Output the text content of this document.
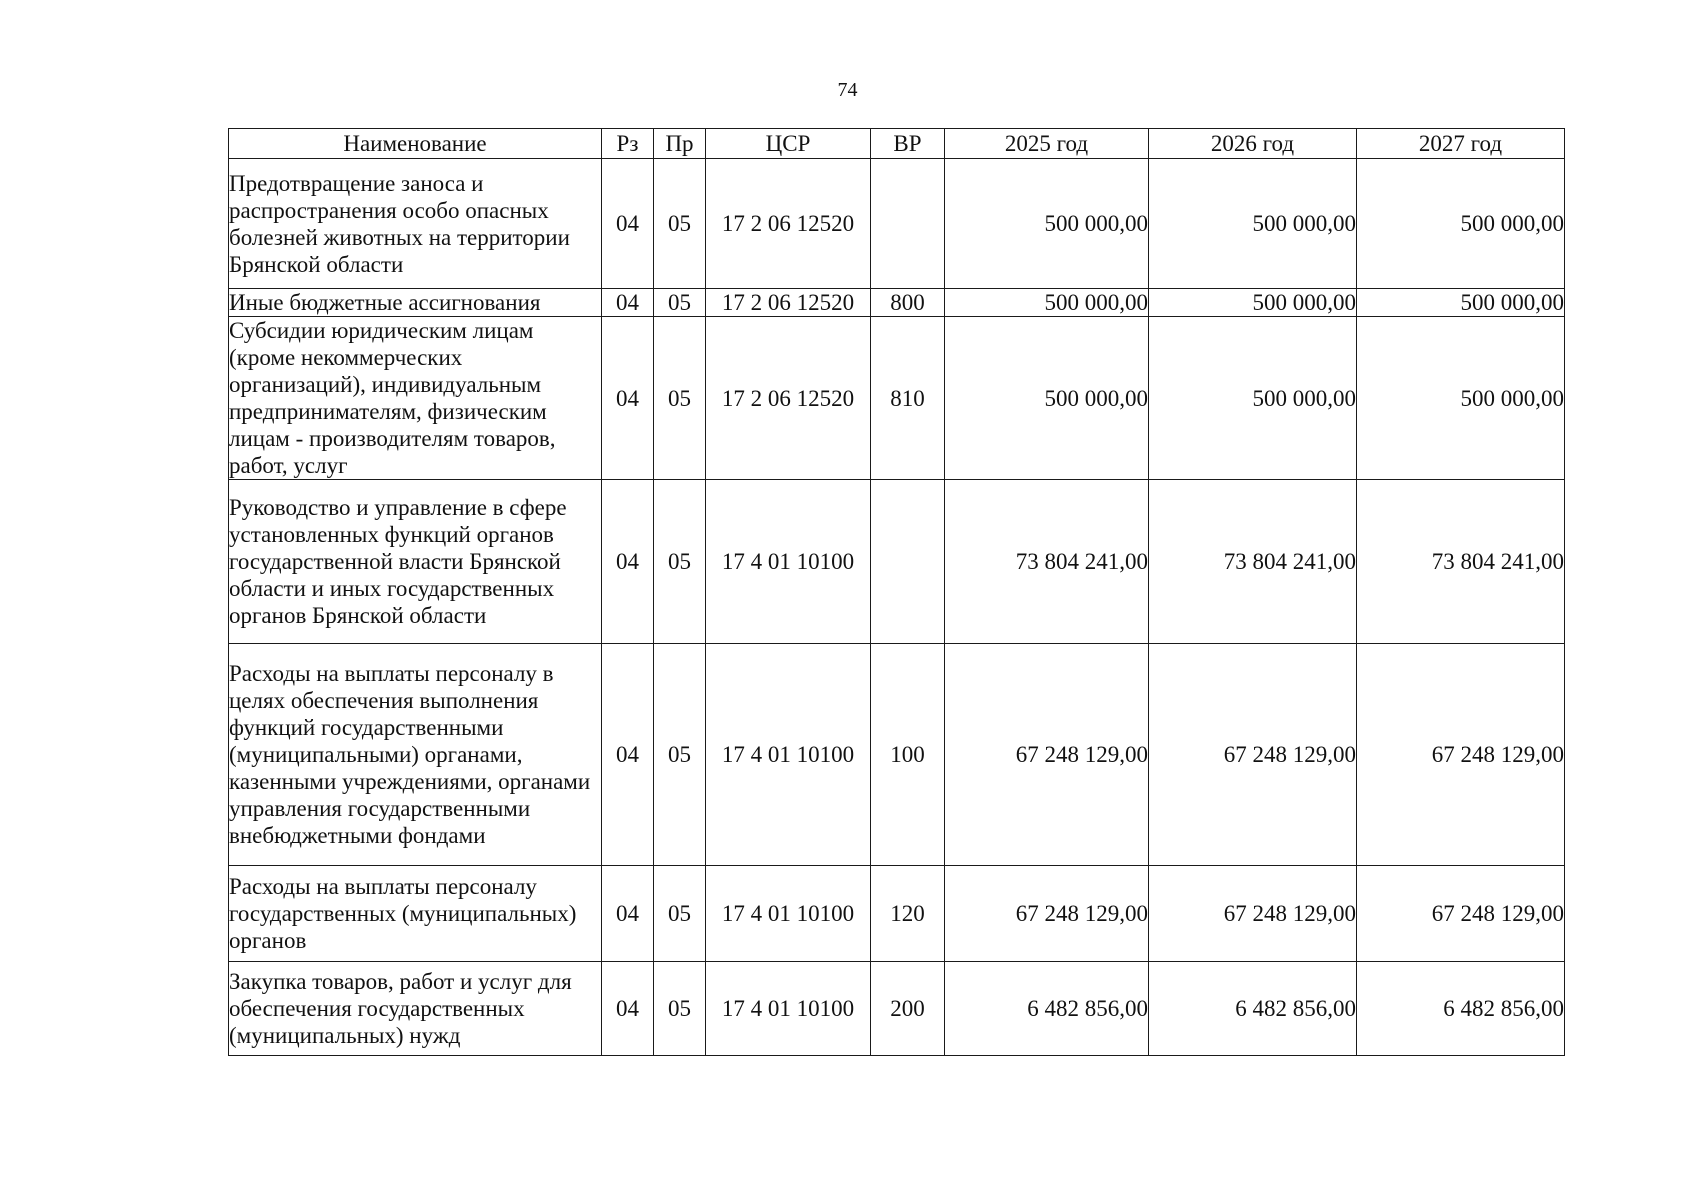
74
Наименование	Рз	Пр	ЦСР	ВР	2025 год	2026 год	2027 год
Предотвращение заноса и распространения особо опасных болезней животных на территории Брянской области	04	05	17 2 06 12520		500 000,00	500 000,00	500 000,00
Иные бюджетные ассигнования	04	05	17 2 06 12520	800	500 000,00	500 000,00	500 000,00
Субсидии юридическим лицам (кроме некоммерческих организаций), индивидуальным предпринимателям, физическим лицам - производителям товаров, работ, услуг	04	05	17 2 06 12520	810	500 000,00	500 000,00	500 000,00
Руководство и управление в сфере установленных функций органов государственной власти Брянской области и иных государственных органов Брянской области	04	05	17 4 01 10100		73 804 241,00	73 804 241,00	73 804 241,00
Расходы на выплаты персоналу в целях обеспечения выполнения функций государственными (муниципальными) органами, казенными учреждениями, органами управления государственными внебюджетными фондами	04	05	17 4 01 10100	100	67 248 129,00	67 248 129,00	67 248 129,00
Расходы на выплаты персоналу государственных (муниципальных) органов	04	05	17 4 01 10100	120	67 248 129,00	67 248 129,00	67 248 129,00
Закупка товаров, работ и услуг для обеспечения государственных (муниципальных) нужд	04	05	17 4 01 10100	200	6 482 856,00	6 482 856,00	6 482 856,00
